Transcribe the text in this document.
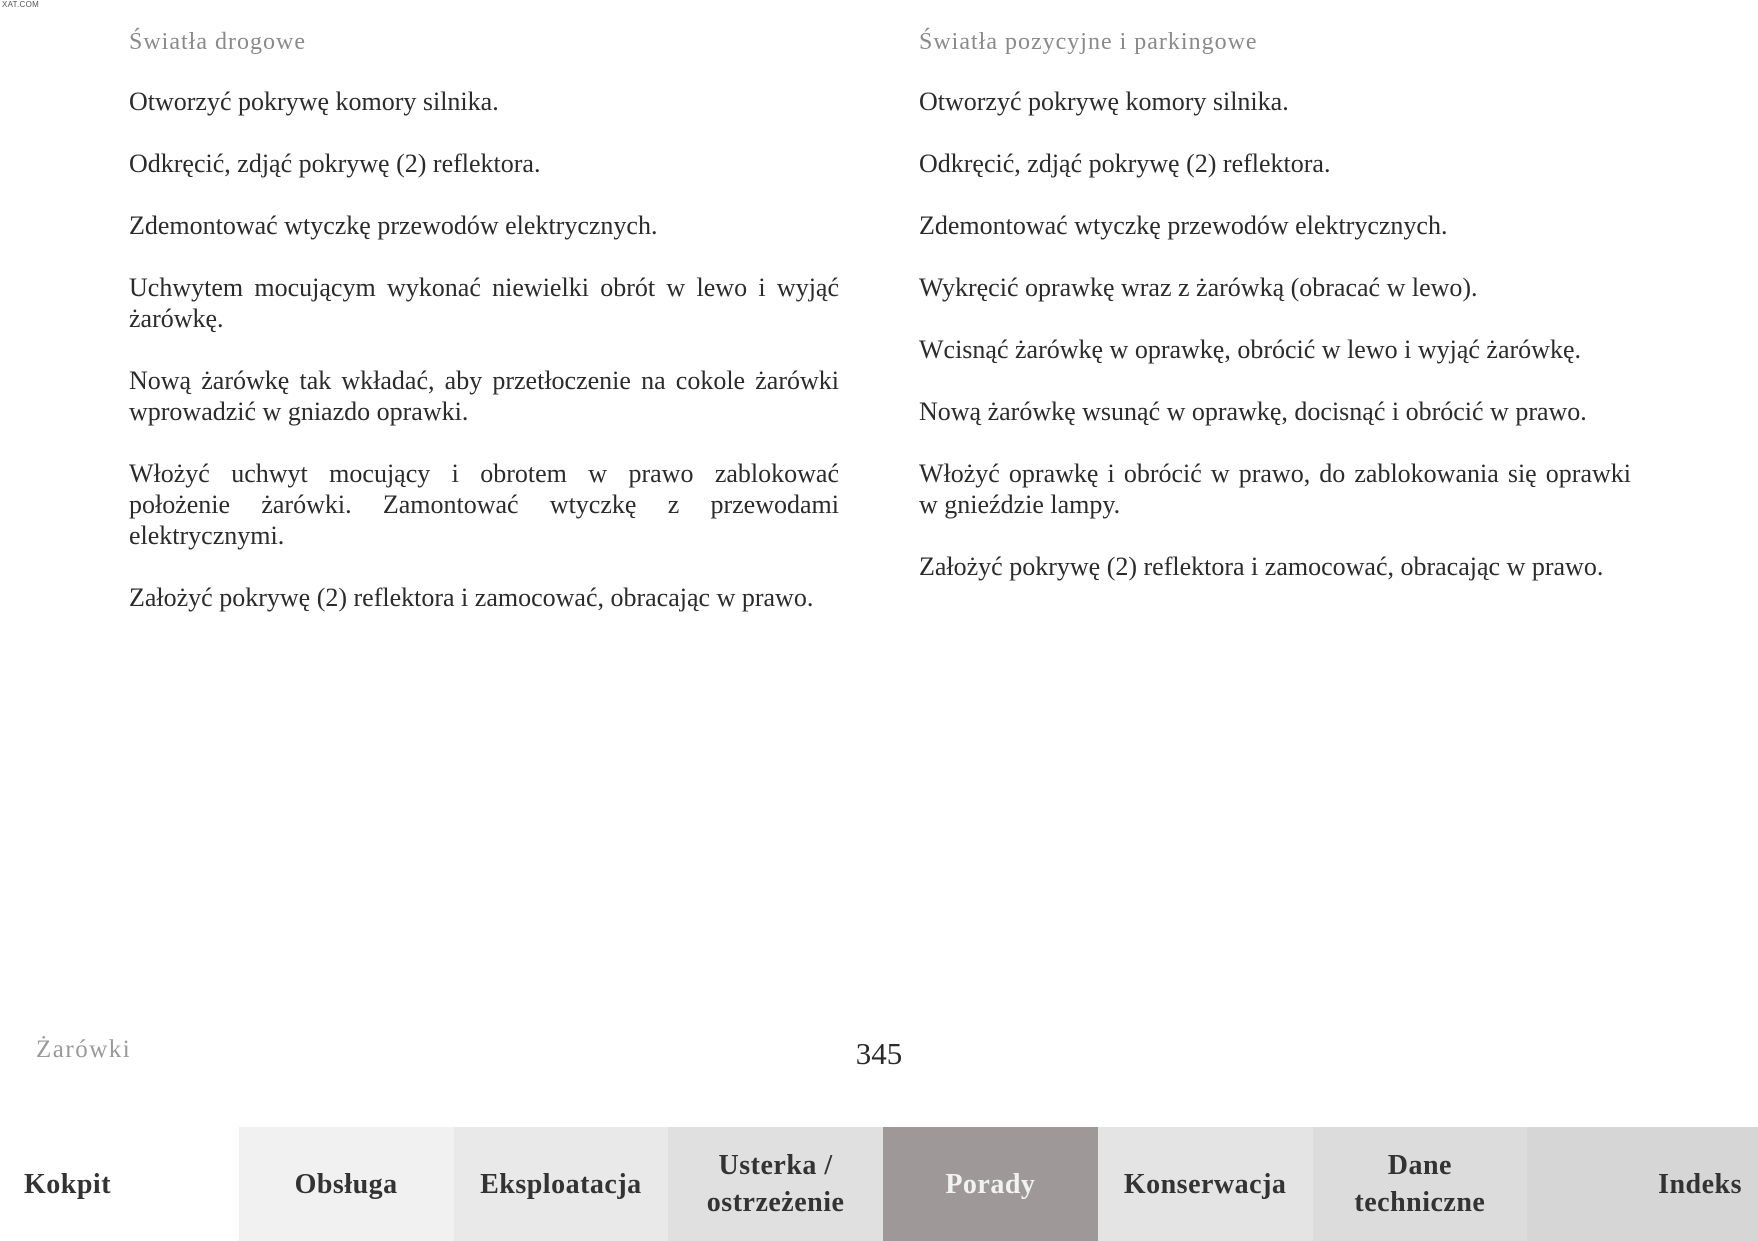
XAT.COM
Światła drogowe

Otworzyć pokrywę komory silnika.

Odkręcić, zdjąć pokrywę (2) reflektora.

Zdemontować wtyczkę przewodów elektrycznych.

Uchwytem mocującym wykonać niewielki obrót w lewo i wyjąć żarówkę.

Nową żarówkę tak wkładać, aby przetłoczenie na cokole żarówki wprowadzić w gniazdo oprawki.

Włożyć uchwyt mocujący i obrotem w prawo zablokować położenie żarówki. Zamontować wtyczkę z przewodami elektrycznymi.

Założyć pokrywę (2) reflektora i zamocować, obracając w prawo.

Światła pozycyjne i parkingowe

Otworzyć pokrywę komory silnika.

Odkręcić, zdjąć pokrywę (2) reflektora.

Zdemontować wtyczkę przewodów elektrycznych.

Wykręcić oprawkę wraz z żarówką (obracać w lewo).

Wcisnąć żarówkę w oprawkę, obrócić w lewo i wyjąć żarówkę.

Nową żarówkę wsunąć w oprawkę, docisnąć i obrócić w prawo.

Włożyć oprawkę i obrócić w prawo, do zablokowania się oprawki w gnieździe lampy.

Założyć pokrywę (2) reflektora i zamocować, obracając w prawo.

Żarówki	345
Kokpit	Obsługa	Eksploatacja
Usterka /
ostrzeżenie
Porady	Konserwacja
Dane
techniczne
Indeks
